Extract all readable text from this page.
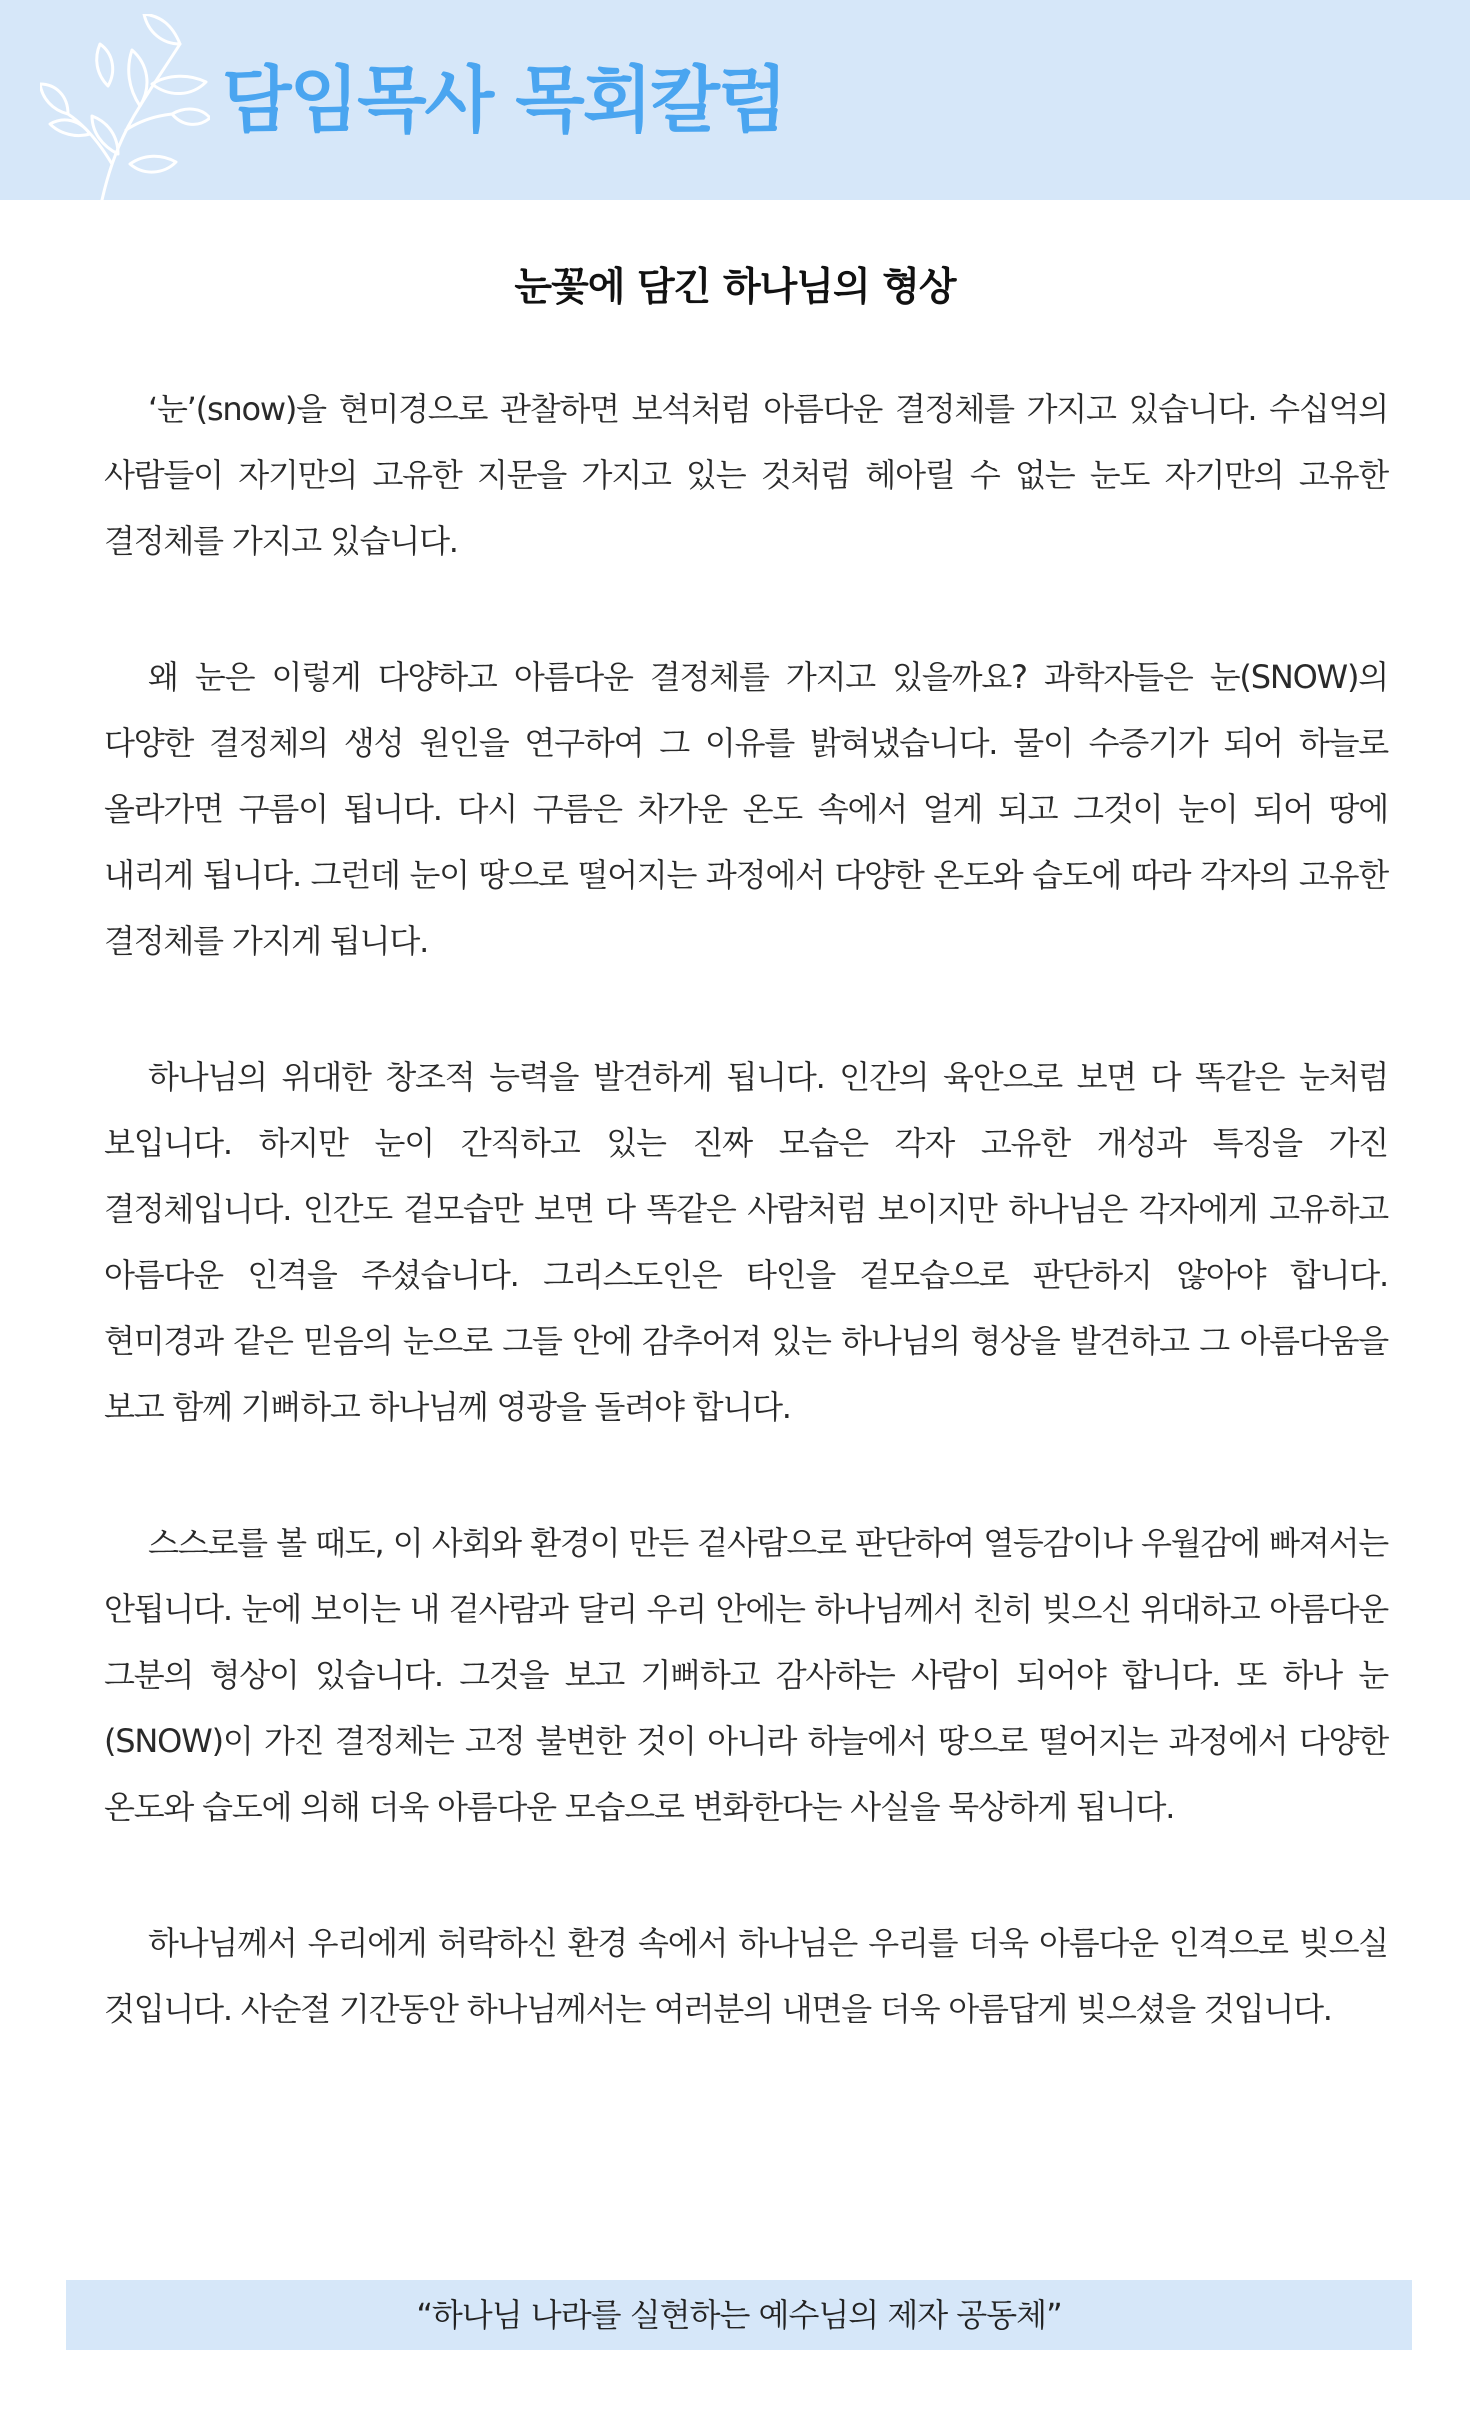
담임목사 목회칼럼
눈꽃에 담긴 하나님의 형상

‘눈’(snow)을 현미경으로 관찰하면 보석처럼 아름다운 결정체를 가지고 있습니다. 수십억의 사람들이 자기만의 고유한 지문을 가지고 있는 것처럼 헤아릴 수 없는 눈도 자기만의 고유한 결정체를 가지고 있습니다.

왜 눈은 이렇게 다양하고 아름다운 결정체를 가지고 있을까요? 과학자들은 눈(SNOW)의 다양한 결정체의 생성 원인을 연구하여 그 이유를 밝혀냈습니다. 물이 수증기가 되어 하늘로 올라가면 구름이 됩니다. 다시 구름은 차가운 온도 속에서 얼게 되고 그것이 눈이 되어 땅에 내리게 됩니다. 그런데 눈이 땅으로 떨어지는 과정에서 다양한 온도와 습도에 따라 각자의 고유한 결정체를 가지게 됩니다.

하나님의 위대한 창조적 능력을 발견하게 됩니다. 인간의 육안으로 보면 다 똑같은 눈처럼 보입니다. 하지만 눈이 간직하고 있는 진짜 모습은 각자 고유한 개성과 특징을 가진 결정체입니다. 인간도 겉모습만 보면 다 똑같은 사람처럼 보이지만 하나님은 각자에게 고유하고 아름다운 인격을 주셨습니다. 그리스도인은 타인을 겉모습으로 판단하지 않아야 합니다. 현미경과 같은 믿음의 눈으로 그들 안에 감추어져 있는 하나님의 형상을 발견하고 그 아름다움을 보고 함께 기뻐하고 하나님께 영광을 돌려야 합니다.

스스로를 볼 때도, 이 사회와 환경이 만든 겉사람으로 판단하여 열등감이나 우월감에 빠져서는 안됩니다. 눈에 보이는 내 겉사람과 달리 우리 안에는 하나님께서 친히 빚으신 위대하고 아름다운 그분의 형상이 있습니다. 그것을 보고 기뻐하고 감사하는 사람이 되어야 합니다. 또 하나 눈(SNOW)이 가진 결정체는 고정 불변한 것이 아니라 하늘에서 땅으로 떨어지는 과정에서 다양한 온도와 습도에 의해 더욱 아름다운 모습으로 변화한다는 사실을 묵상하게 됩니다.

하나님께서 우리에게 허락하신 환경 속에서 하나님은 우리를 더욱 아름다운 인격으로 빚으실 것입니다. 사순절 기간동안 하나님께서는 여러분의 내면을 더욱 아름답게 빚으셨을 것입니다.

“하나님 나라를 실현하는 예수님의 제자 공동체”
